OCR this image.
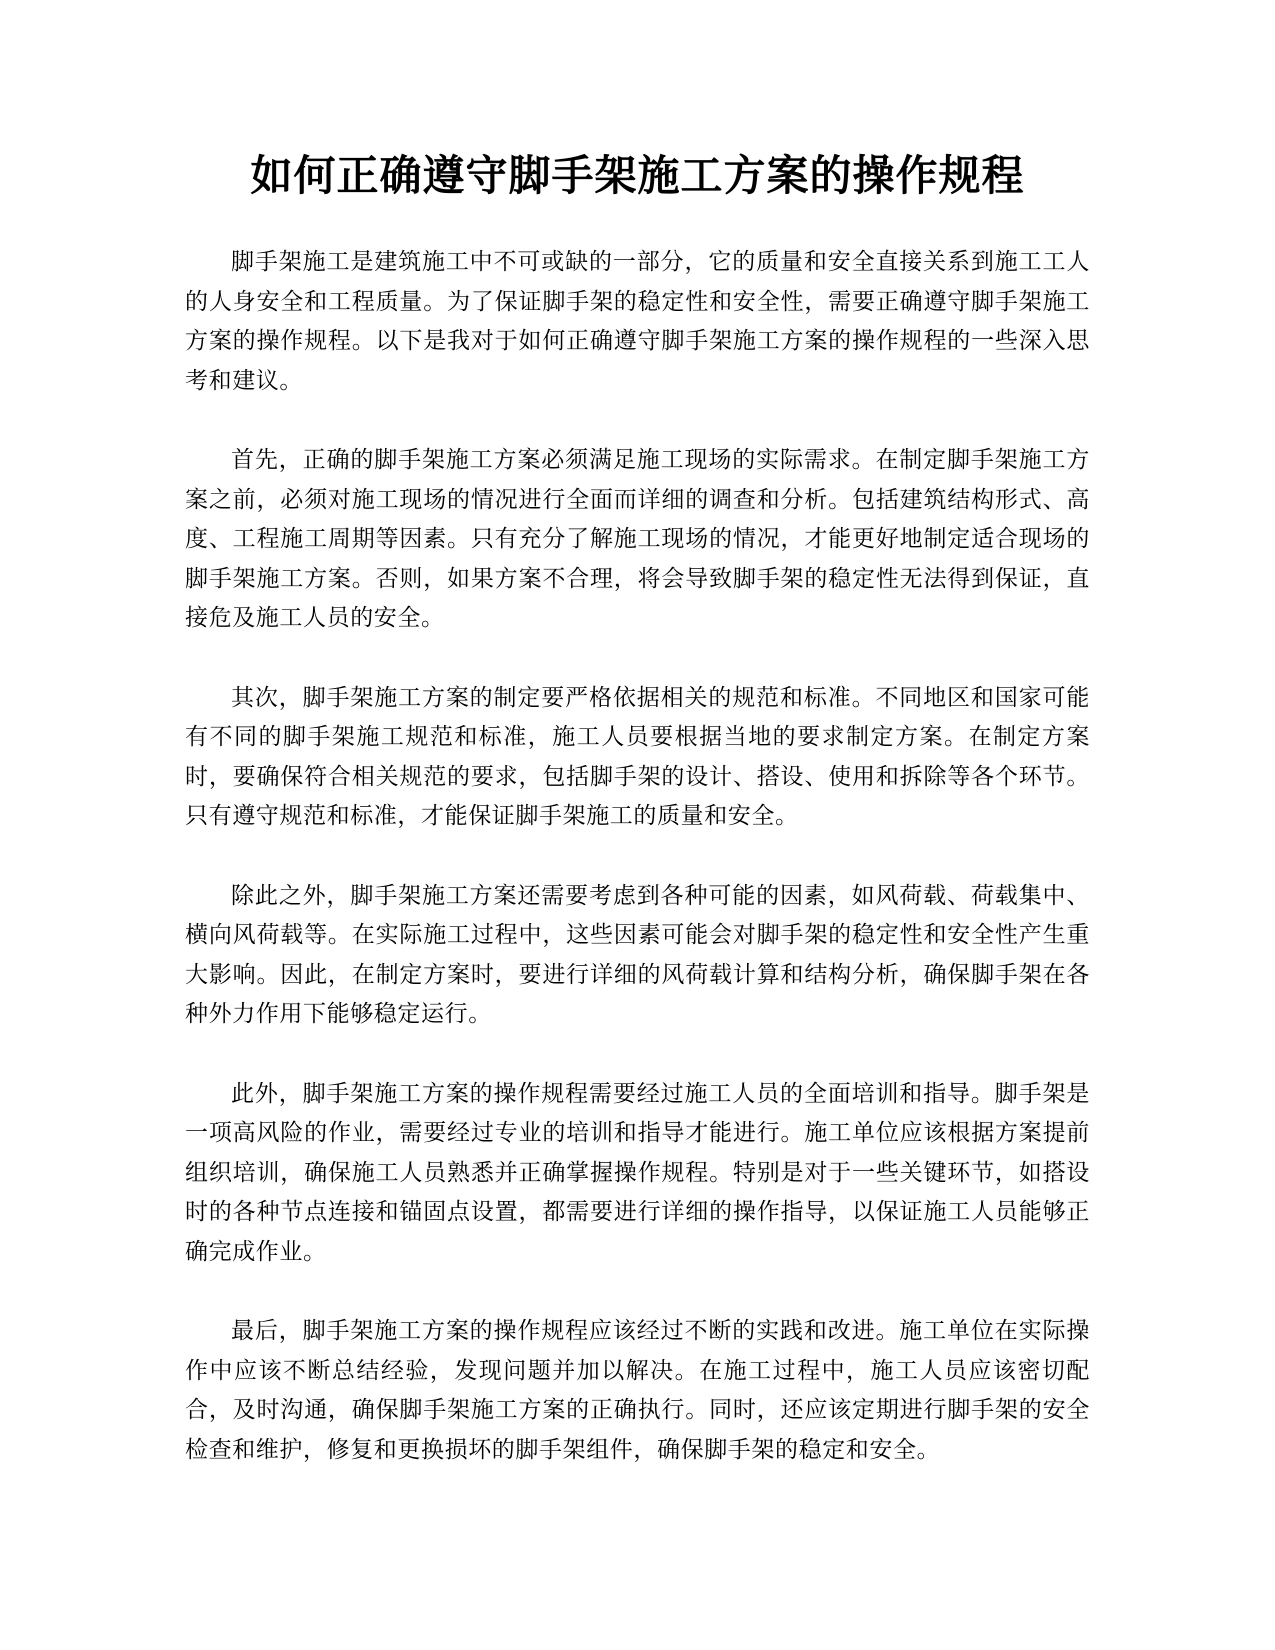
如何正确遵守脚手架施工方案的操作规程

脚手架施工是建筑施工中不可或缺的一部分，它的质量和安全直接关系到施工工人的人身安全和工程质量。为了保证脚手架的稳定性和安全性，需要正确遵守脚手架施工方案的操作规程。以下是我对于如何正确遵守脚手架施工方案的操作规程的一些深入思考和建议。

首先，正确的脚手架施工方案必须满足施工现场的实际需求。在制定脚手架施工方案之前，必须对施工现场的情况进行全面而详细的调查和分析。包括建筑结构形式、高度、工程施工周期等因素。只有充分了解施工现场的情况，才能更好地制定适合现场的脚手架施工方案。否则，如果方案不合理，将会导致脚手架的稳定性无法得到保证，直接危及施工人员的安全。

其次，脚手架施工方案的制定要严格依据相关的规范和标准。不同地区和国家可能有不同的脚手架施工规范和标准，施工人员要根据当地的要求制定方案。在制定方案时，要确保符合相关规范的要求，包括脚手架的设计、搭设、使用和拆除等各个环节。只有遵守规范和标准，才能保证脚手架施工的质量和安全。

除此之外，脚手架施工方案还需要考虑到各种可能的因素，如风荷载、荷载集中、横向风荷载等。在实际施工过程中，这些因素可能会对脚手架的稳定性和安全性产生重大影响。因此，在制定方案时，要进行详细的风荷载计算和结构分析，确保脚手架在各种外力作用下能够稳定运行。

此外，脚手架施工方案的操作规程需要经过施工人员的全面培训和指导。脚手架是一项高风险的作业，需要经过专业的培训和指导才能进行。施工单位应该根据方案提前组织培训，确保施工人员熟悉并正确掌握操作规程。特别是对于一些关键环节，如搭设时的各种节点连接和锚固点设置，都需要进行详细的操作指导，以保证施工人员能够正确完成作业。

最后，脚手架施工方案的操作规程应该经过不断的实践和改进。施工单位在实际操作中应该不断总结经验，发现问题并加以解决。在施工过程中，施工人员应该密切配合，及时沟通，确保脚手架施工方案的正确执行。同时，还应该定期进行脚手架的安全检查和维护，修复和更换损坏的脚手架组件，确保脚手架的稳定和安全。
